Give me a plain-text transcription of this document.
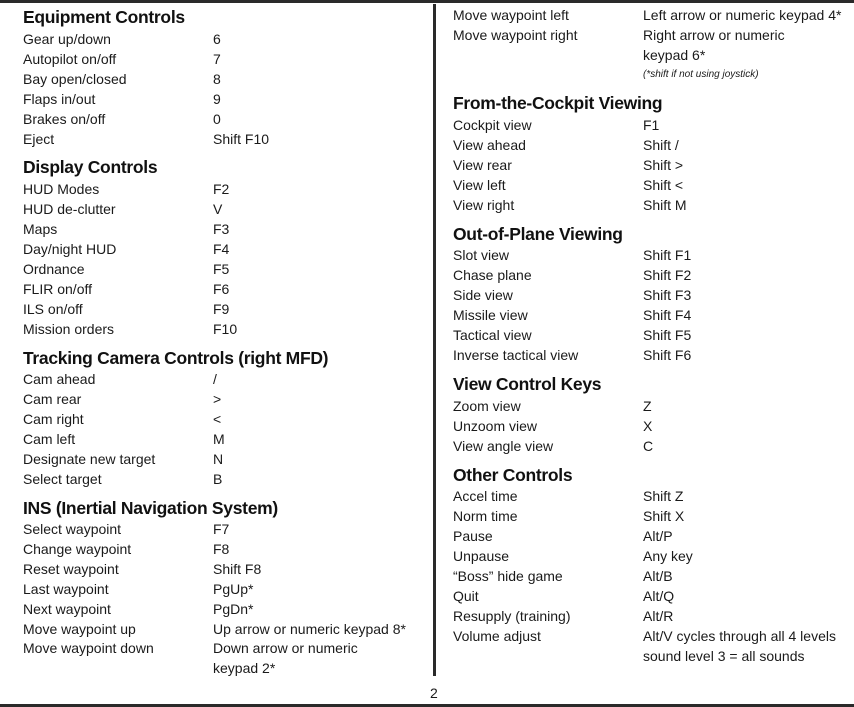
Equipment Controls
Gear up/down	6
Autopilot on/off	7
Bay open/closed	8
Flaps in/out	9
Brakes on/off	0
Eject	Shift F10
Display Controls
HUD Modes	F2
HUD de-clutter	V
Maps	F3
Day/night HUD	F4
Ordnance	F5
FLIR on/off	F6
ILS on/off	F9
Mission orders	F10
Tracking Camera Controls (right MFD)
Cam ahead	/
Cam rear	>
Cam right	<
Cam left	M
Designate new target	N
Select target	B
INS (Inertial Navigation System)
Select waypoint	F7
Change waypoint	F8
Reset waypoint	Shift F8
Last waypoint	PgUp*
Next waypoint	PgDn*
Move waypoint up	Up arrow or numeric keypad 8*
Move waypoint down	Down arrow or numeric
keypad 2*
Move waypoint left	Left arrow or numeric keypad 4*
Move waypoint right	Right arrow or numeric
keypad 6*
(*shift if not using joystick)
From-the-Cockpit Viewing
Cockpit view	F1
View ahead	Shift /
View rear	Shift >
View left	Shift <
View right	Shift M
Out-of-Plane Viewing
Slot view	Shift F1
Chase plane	Shift F2
Side view	Shift F3
Missile view	Shift F4
Tactical view	Shift F5
Inverse tactical view	Shift F6
View Control Keys
Zoom view	Z
Unzoom view	X
View angle view	C
Other Controls
Accel time	Shift Z
Norm time	Shift X
Pause	Alt/P
Unpause	Any key
“Boss” hide game	Alt/B
Quit	Alt/Q
Resupply (training)	Alt/R
Volume adjust	Alt/V cycles through all 4 levels
sound level 3 = all sounds
2
